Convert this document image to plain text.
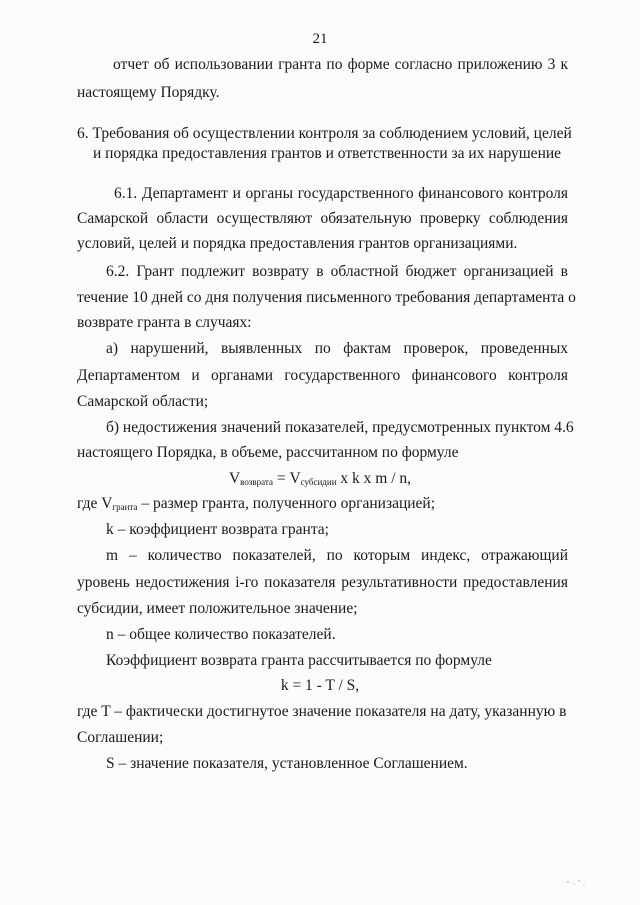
21
отчет об использовании гранта по форме согласно приложению 3 к
настоящему Порядку.
6. Требования об осуществлении контроля за соблюдением условий, целей
и порядка предоставления грантов и ответственности за их нарушение
6.1. Департамент и органы государственного финансового контроля
Самарской области осуществляют обязательную проверку соблюдения
условий, целей и порядка предоставления грантов организациями.
6.2. Грант подлежит возврату в областной бюджет организацией в
течение 10 дней со дня получения письменного требования департамента о
возврате гранта в случаях:
а) нарушений, выявленных по фактам проверок, проведенных
Департаментом и органами государственного финансового контроля
Самарской области;
б) недостижения значений показателей, предусмотренных пунктом 4.6
настоящего Порядка, в объеме, рассчитанном по формуле
$V_{возврата} = V_{субсидии}$ x k x m / n,
где $V_{гранта}$ – размер гранта, полученного организацией;
k – коэффициент возврата гранта;
m – количество показателей, по которым индекс, отражающий
уровень недостижения i-го показателя результативности предоставления
субсидии, имеет положительное значение;
n – общее количество показателей.
Коэффициент возврата гранта рассчитывается по формуле
k = 1 - T / S,
где T – фактически достигнутое значение показателя на дату, указанную в
Соглашении;
S – значение показателя, установленное Соглашением.
